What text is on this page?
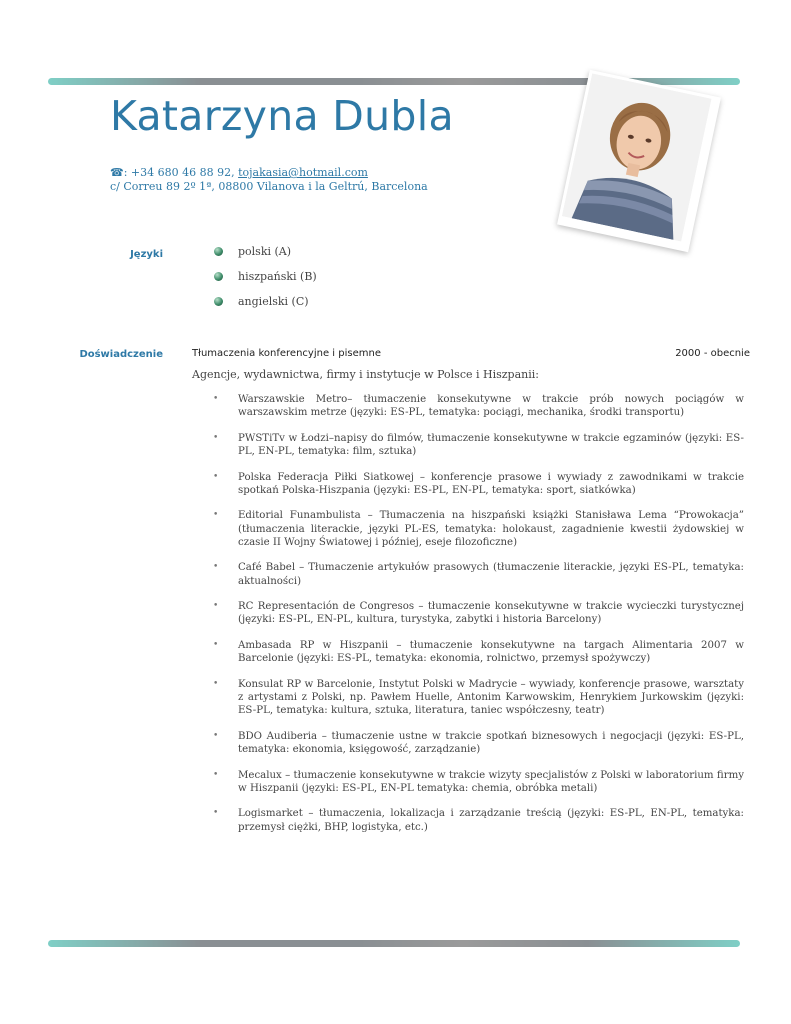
Katarzyna Dubla
☎: +34 680 46 88 92, tojakasia@hotmail.com
c/ Correu 89 2º 1ª, 08800 Vilanova i la Geltrú, Barcelona
Języki	polski (A)
hiszpański (B)
angielski (C)
Doświadczenie	Tłumaczenia konferencyjne i pisemne	2000 - obecnie
Agencje, wydawnictwa, firmy i instytucje w Polsce i Hiszpanii:
• Warszawskie Metro– tłumaczenie konsekutywne w trakcie prób nowych pociągów w warszawskim metrze (języki: ES-PL, tematyka: pociągi, mechanika, środki transportu)
• PWSTiTv w Łodzi–napisy do filmów, tłumaczenie konsekutywne w trakcie egzaminów (języki: ES-PL, EN-PL, tematyka: film, sztuka)
• Polska Federacja Piłki Siatkowej – konferencje prasowe i wywiady z zawodnikami w trakcie spotkań Polska-Hiszpania (języki: ES-PL, EN-PL, tematyka: sport, siatkówka)
• Editorial Funambulista – Tłumaczenia na hiszpański książki Stanisława Lema “Prowokacja” (tłumaczenia literackie, języki PL-ES, tematyka: holokaust, zagadnienie kwestii żydowskiej w czasie II Wojny Światowej i później, eseje filozoficzne)
• Café Babel – Tłumaczenie artykułów prasowych (tłumaczenie literackie, języki ES-PL, tematyka: aktualności)
• RC Representación de Congresos – tłumaczenie konsekutywne w trakcie wycieczki turystycznej (języki: ES-PL, EN-PL, kultura, turystyka, zabytki i historia Barcelony)
• Ambasada RP w Hiszpanii – tłumaczenie konsekutywne na targach Alimentaria 2007 w Barcelonie (języki: ES-PL, tematyka: ekonomia, rolnictwo, przemysł spożywczy)
• Konsulat RP w Barcelonie, Instytut Polski w Madrycie – wywiady, konferencje prasowe, warsztaty z artystami z Polski, np. Pawłem Huelle, Antonim Karwowskim, Henrykiem Jurkowskim (języki: ES-PL, tematyka: kultura, sztuka, literatura, taniec współczesny, teatr)
• BDO Audiberia – tłumaczenie ustne w trakcie spotkań biznesowych i negocjacji (języki: ES-PL, tematyka: ekonomia, księgowość, zarządzanie)
• Mecalux – tłumaczenie konsekutywne w trakcie wizyty specjalistów z Polski w laboratorium firmy w Hiszpanii (języki: ES-PL, EN-PL tematyka: chemia, obróbka metali)
• Logismarket – tłumaczenia, lokalizacja i zarządzanie treścią (języki: ES-PL, EN-PL, tematyka: przemysł ciężki, BHP, logistyka, etc.)
